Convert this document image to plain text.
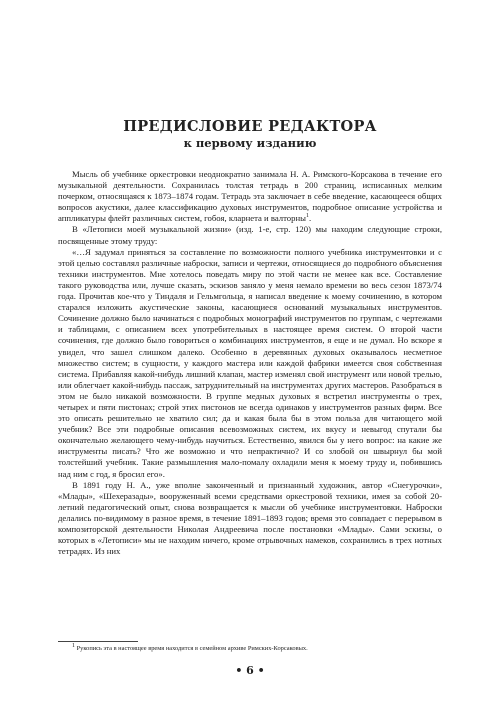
ПРЕДИСЛОВИЕ РЕДАКТОРА
к первому изданию

Мысль об учебнике оркестровки неоднократно занимала Н. А. Римского-Корсакова в течение его музыкальной деятельности. Сохранилась толстая тетрадь в 200 страниц, исписанных мелким почерком, относящаяся к 1873–1874 годам. Тетрадь эта заключает в себе введение, касающееся общих вопросов акустики, далее классификацию духовых инструментов, подробное описание устройства и аппликатуры флейт различных систем, гобоя, кларнета и валторны$^1$.

В «Летописи моей музыкальной жизни» (изд. 1-е, стр. 120) мы находим следующие строки, посвященные этому труду:

«…Я задумал приняться за составление по возможности полного учебника инструментовки и с этой целью составлял различные наброски, записи и чертежи, относящиеся до подробного объяснения техники инструментов. Мне хотелось поведать миру по этой части не менее как все. Составление такого руководства или, лучше сказать, эскизов заняло у меня немало времени во весь сезон 1873/74 года. Прочитав кое-что у Тиндаля и Гельмгольца, я написал введение к моему сочинению, в котором старался изложить акустические законы, касающиеся оснований музыкальных инструментов. Сочинение должно было начинаться с подробных монографий инструментов по группам, с чертежами и таблицами, с описанием всех употребительных в настоящее время систем. О второй части сочинения, где должно было говориться о комбинациях инструментов, я еще и не думал. Но вскоре я увидел, что зашел слишком далеко. Особенно в деревянных духовых оказывалось несметное множество систем; в сущности, у каждого мастера или каждой фабрики имеется своя собственная система. Прибавляя какой-нибудь лишний клапан, мастер изменял свой инструмент или новой трелью, или облегчает какой-нибудь пассаж, затруднительный на инструментах других мастеров. Разобраться в этом не было никакой возможности. В группе медных духовых я встретил инструменты о трех, четырех и пяти пистонах; строй этих пистонов не всегда одинаков у инструментов разных фирм. Все это описать решительно не хватило сил; да и какая была бы в этом польза для читающего мой учебник? Все эти подробные описания всевозможных систем, их вкусу и невыгод спутали бы окончательно желающего чему-нибудь научиться. Естественно, явился бы у него вопрос: на какие же инструменты писать? Что же возможно и что непрактично? И со злобой он швырнул бы мой толстейший учебник. Такие размышления мало-помалу охладили меня к моему труду и, побившись над ним с год, я бросил его».

В 1891 году Н. А., уже вполне законченный и признанный художник, автор «Снегурочки», «Млады», «Шехеразады», вооруженный всеми средствами оркестровой техники, имея за собой 20-летний педагогический опыт, снова возвращается к мысли об учебнике инструментовки. Наброски делались по-видимому в разное время, в течение 1891–1893 годов; время это совпадает с перерывом в композиторской деятельности Николая Андреевича после постановки «Млады». Сами эскизы, о которых в «Летописи» мы не находим ничего, кроме отрывочных намеков, сохранились в трех нотных тетрадях. Из них

1 Рукопись эта в настоящее время находится в семейном архиве Римских-Корсаковых.
• 6 •
